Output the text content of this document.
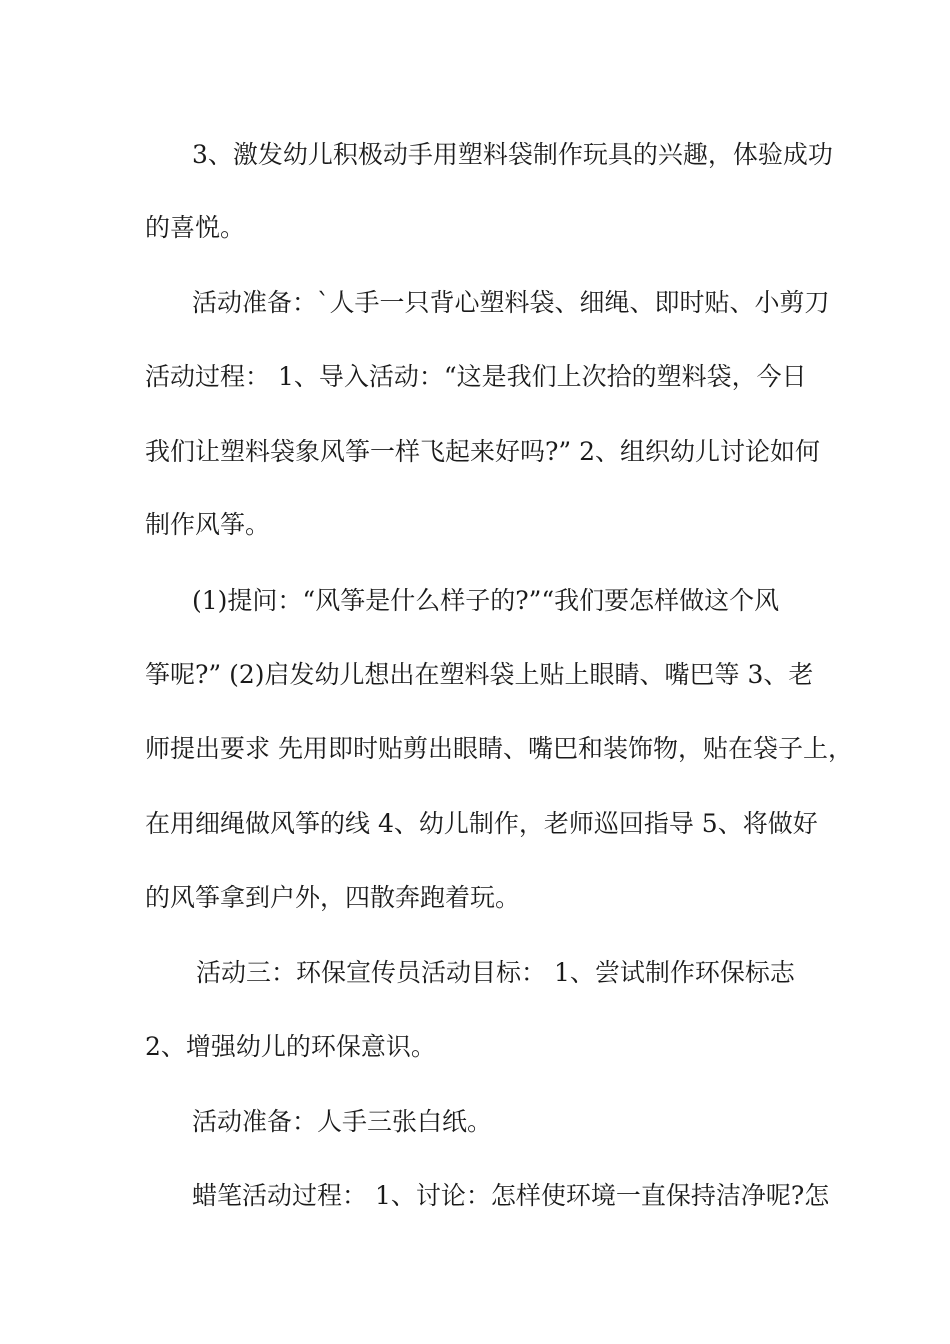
3、激发幼儿积极动手用塑料袋制作玩具的兴趣，体验成功
的喜悦。
活动准备：`人手一只背心塑料袋、细绳、即时贴、小剪刀
活动过程： 1、导入活动：“这是我们上次拾的塑料袋，今日
我们让塑料袋象风筝一样飞起来好吗?” 2、组织幼儿讨论如何
制作风筝。
(1)提问：“风筝是什么样子的?”“我们要怎样做这个风
筝呢?” (2)启发幼儿想出在塑料袋上贴上眼睛、嘴巴等 3、老
师提出要求 先用即时贴剪出眼睛、嘴巴和装饰物，贴在袋子上，
在用细绳做风筝的线 4、幼儿制作，老师巡回指导 5、将做好
的风筝拿到户外，四散奔跑着玩。
活动三：环保宣传员活动目标： 1、尝试制作环保标志
2、增强幼儿的环保意识。
活动准备：人手三张白纸。
蜡笔活动过程： 1、讨论：怎样使环境一直保持洁净呢?怎
